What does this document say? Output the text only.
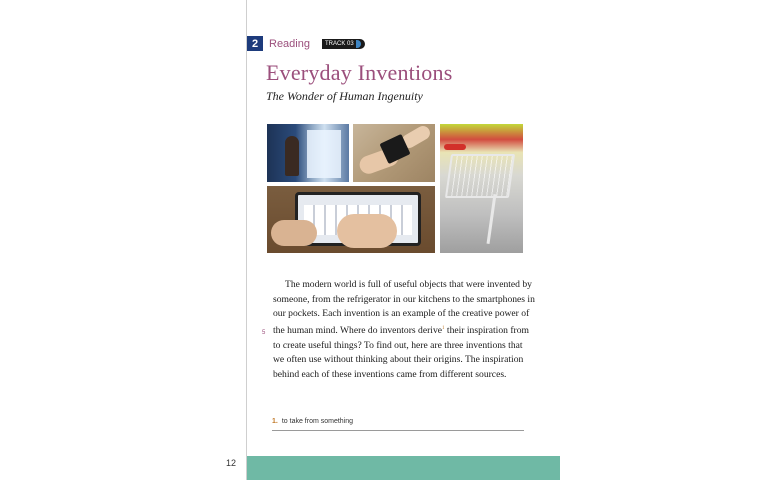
12
2 Reading	TRACK 03
Everyday Inventions

The Wonder of Human Ingenuity

The modern world is full of useful objects that were invented by someone, from the refrigerator in our kitchens to the smartphones in our pockets. Each invention is an example of the creative power of the human mind. Where do inventors derive$^1$ their inspiration from to create useful things? To find out, here are three inventions that we often use without thinking about their origins. The inspiration behind each of these inventions came from different sources.

5
1. to take from something
